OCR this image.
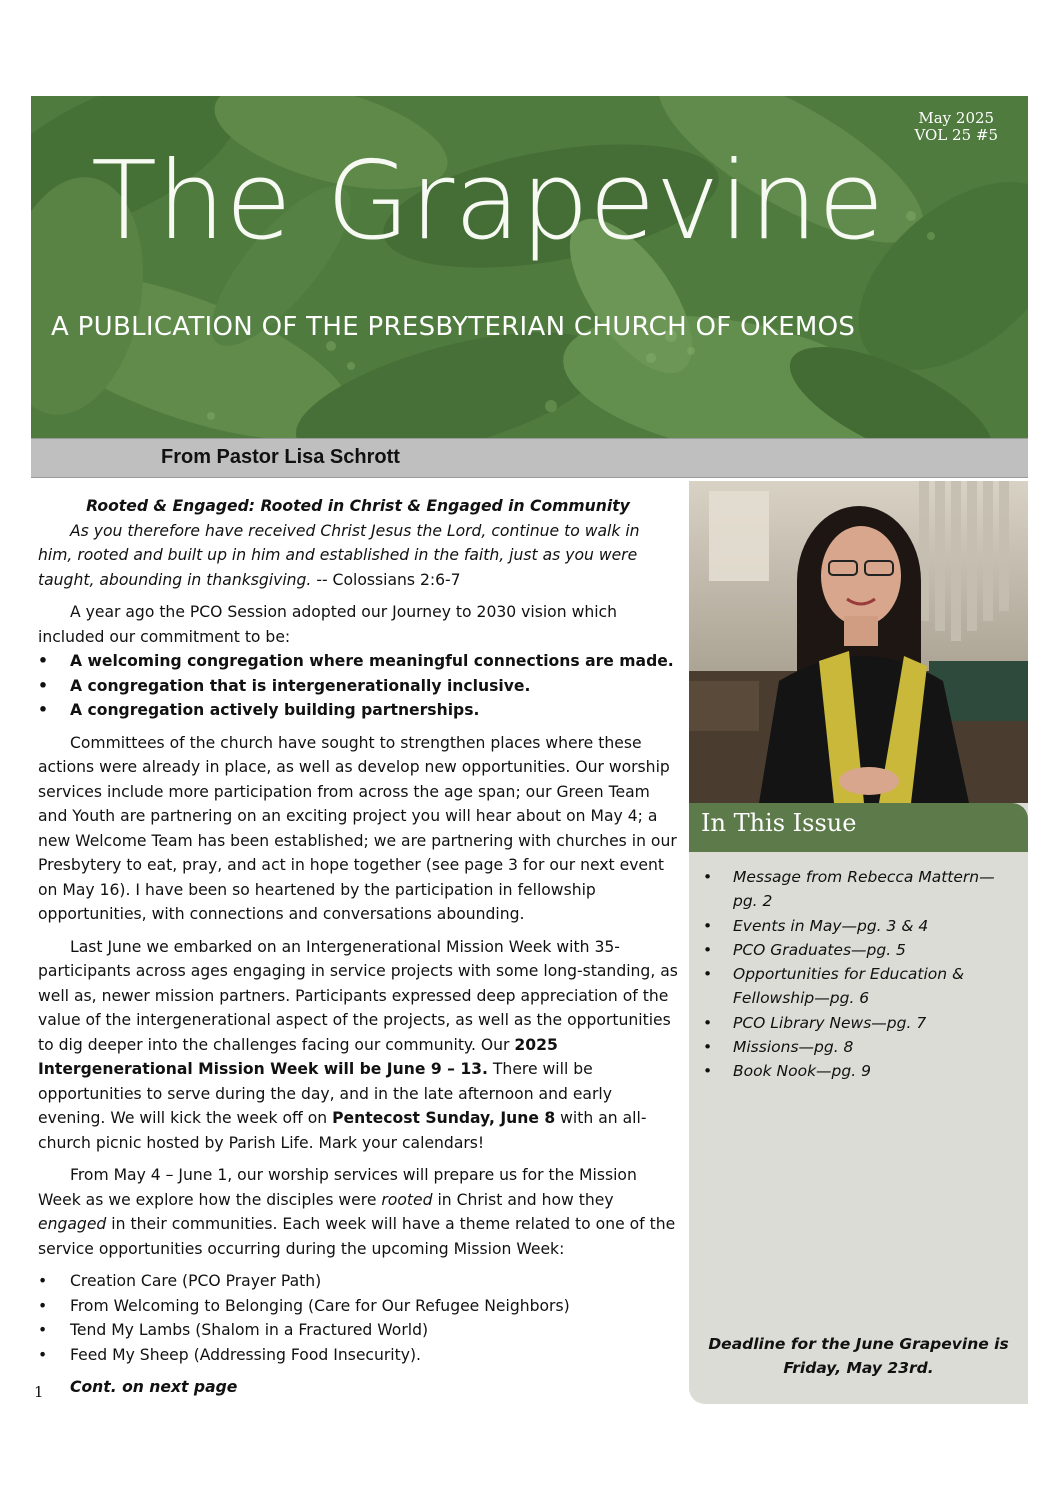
May 2025
VOL 25 #5
The Grapevine
A PUBLICATION OF THE PRESBYTERIAN CHURCH OF OKEMOS
From Pastor Lisa Schrott

Rooted & Engaged: Rooted in Christ & Engaged in Community

As you therefore have received Christ Jesus the Lord, continue to walk in him, rooted and built up in him and established in the faith, just as you were taught, abounding in thanksgiving. -- Colossians 2:6-7

A year ago the PCO Session adopted our Journey to 2030 vision which included our commitment to be:

• A welcoming congregation where meaningful connections are made.
• A congregation that is intergenerationally inclusive.
• A congregation actively building partnerships.

Committees of the church have sought to strengthen places where these actions were already in place, as well as develop new opportunities. Our worship services include more participation from across the age span; our Green Team and Youth are partnering on an exciting project you will hear about on May 4; a new Welcome Team has been established; we are partnering with churches in our Presbytery to eat, pray, and act in hope together (see page 3 for our next event on May 16). I have been so heartened by the participation in fellowship opportunities, with connections and conversations abounding.

Last June we embarked on an Intergenerational Mission Week with 35-participants across ages engaging in service projects with some long-standing, as well as, newer mission partners. Participants expressed deep appreciation of the value of the intergenerational aspect of the projects, as well as the opportunities to dig deeper into the challenges facing our community. Our 2025 Intergenerational Mission Week will be June 9 – 13. There will be opportunities to serve during the day, and in the late afternoon and early evening. We will kick the week off on Pentecost Sunday, June 8 with an all-church picnic hosted by Parish Life. Mark your calendars!

From May 4 – June 1, our worship services will prepare us for the Mission Week as we explore how the disciples were rooted in Christ and how they engaged in their communities. Each week will have a theme related to one of the service opportunities occurring during the upcoming Mission Week:

• Creation Care (PCO Prayer Path)
• From Welcoming to Belonging (Care for Our Refugee Neighbors)
• Tend My Lambs (Shalom in a Fractured World)
• Feed My Sheep (Addressing Food Insecurity).

Cont. on next page

1
In This Issue
• Message from Rebecca Mattern—pg. 2
• Events in May—pg. 3 & 4
• PCO Graduates—pg. 5
• Opportunities for Education & Fellowship—pg. 6
• PCO Library News—pg. 7
• Missions—pg. 8
• Book Nook—pg. 9
Deadline for the June Grapevine is Friday, May 23rd.
